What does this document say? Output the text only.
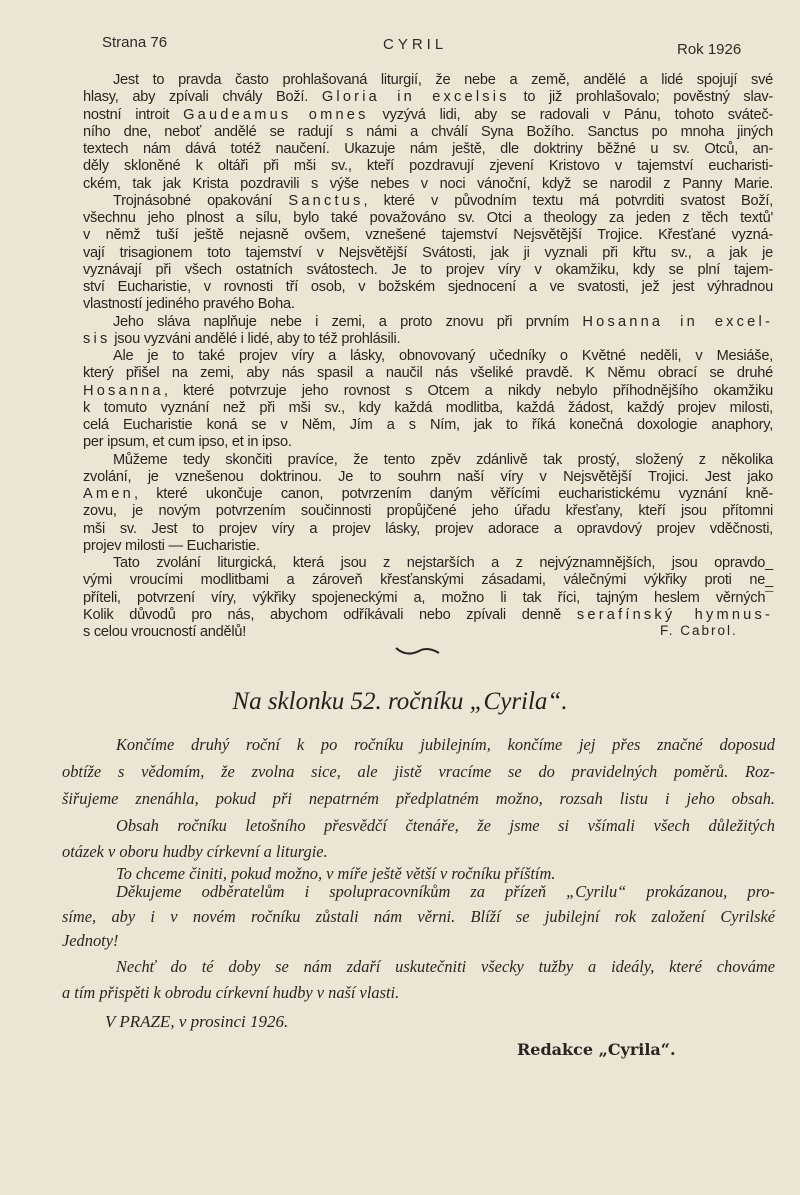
Strana 76	CYRIL	Rok 1926
Jest to pravda často prohlašovaná liturgií, že nebe a země, andělé a lidé spojují své
hlasy, aby zpívali chvály Boží. Gloria in excelsis to již prohlašovalo; pověstný slav-
nostní introit Gaudeamus omnes vyzývá lidi, aby se radovali v Pánu, tohoto sváteč-
ního dne, neboť andělé se radují s námi a chválí Syna Božího. Sanctus po mnoha jiných
textech nám dává totéž naučení. Ukazuje nám ještě, dle doktriny běžné u sv. Otců, an-
děly skloněné k oltáři při mši sv., kteří pozdravují zjevení Kristovo v tajemství eucharisti-
ckém, tak jak Krista pozdravili s výše nebes v noci vánoční, když se narodil z Panny Marie.
Trojnásobné opakování Sanctus, které v původním textu má potvrditi svatost Boží,
všechnu jeho plnost a sílu, bylo také považováno sv. Otci a theology za jeden z těch textů'
v němž tuší ještě nejasně ovšem, vznešené tajemství Nejsvětější Trojice. Křesťané vyzná-
vají trisagionem toto tajemství v Nejsvětější Svátosti, jak ji vyznali při křtu sv., a jak je
vyznávají při všech ostatních svátostech. Je to projev víry v okamžiku, kdy se plní tajem-
ství Eucharistie, v rovnosti tří osob, v božském sjednocení a ve svatosti, jež jest výhradnou
vlastností jediného pravého Boha.
Jeho sláva naplňuje nebe i zemi, a proto znovu při prvním Hosanna in excel-
sis jsou vyzváni andělé i lidé, aby to též prohlásili.
Ale je to také projev víry a lásky, obnovovaný učedníky o Květné neděli, v Mesiáše,
který přišel na zemi, aby nás spasil a naučil nás všeliké pravdě. K Němu obrací se druhé
Hosanna, které potvrzuje jeho rovnost s Otcem a nikdy nebylo příhodnějšího okamžiku
k tomuto vyznání než při mši sv., kdy každá modlitba, každá žádost, každý projev milosti,
celá Eucharistie koná se v Něm, Jím a s Ním, jak to říká konečná doxologie anaphory,
per ipsum, et cum ipso, et in ipso.
Můžeme tedy skončiti pravíce, že tento zpěv zdánlivě tak prostý, složený z několika
zvolání, je vznešenou doktrinou. Je to souhrn naší víry v Nejsvětější Trojici. Jest jako
Amen, které ukončuje canon, potvrzením daným věřícími eucharistickému vyznání kně-
zovu, je novým potvrzením součinnosti propůjčené jeho úřadu křesťany, kteří jsou přítomni
mši sv. Jest to projev víry a projev lásky, projev adorace a opravdový projev vděčnosti,
projev milosti — Eucharistie.
Tato zvolání liturgická, která jsou z nejstarších a z nejvýznamnějších, jsou opravdo_
vými vroucími modlitbami a zároveň křesťanskými zásadami, válečnými výkřiky proti ne_
příteli, potvrzení víry, výkřiky spojeneckými a, možno li tak říci, tajným heslem věrných¯
Kolik důvodů pro nás, abychom odříkávali nebo zpívali denně serafínský hymnus-
s celou vroucností andělů!	F. Cabrol.
Na sklonku 52. ročníku „Cyrila“.
Končíme druhý roční k po ročníku jubilejním, končíme jej přes značné doposud
obtíže s vědomím, že zvolna sice, ale jistě vracíme se do pravidelných poměrů. Roz-
šiřujeme znenáhla, pokud při nepatrném předplatném možno, rozsah listu i jeho obsah.
Obsah ročníku letošního přesvědčí čtenáře, že jsme si všímali všech důležitých
otázek v oboru hudby církevní a liturgie.
To chceme činiti, pokud možno, v míře ještě větší v ročníku příštím.
Děkujeme odběratelům i spolupracovníkům za přízeň „Cyrilu“ prokázanou, pro-
síme, aby i v novém ročníku zůstali nám věrni. Blíží se jubilejní rok založení Cyrilské
Jednoty!
Nechť do té doby se nám zdaří uskutečniti všecky tužby a ideály, které chováme
a tím přispěti k obrodu církevní hudby v naší vlasti.
V PRAZE, v prosinci 1926.
Redakce „Cyrila“.
